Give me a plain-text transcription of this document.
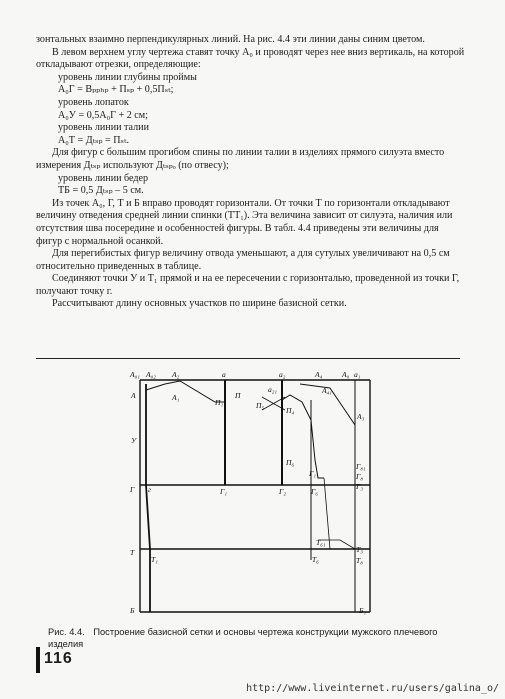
зонтальных взаимно перпендикулярных линий. На рис. 4.4 эти линии даны синим цветом.

В левом верхнем углу чертежа ставят точку А₀ и проводят через нее вниз вертикаль, на которой откладывают отрезки, определяющие:

уровень линии глубины проймы

А₀Г = Вₚₚₕₚ + Пₛₚ + 0,5Пₛₜ;

уровень лопаток

А₀У = 0,5А₀Г + 2 см;

уровень линии талии

А₀Т = Дₜₛₚ = Пₛₜ.

Для фигур с большим прогибом спины по линии талии в изделиях прямого силуэта вместо измерения Дₜₛₚ используют Дₜₛₚₒ (по отвесу);

уровень линии бедер

ТБ = 0,5 Дₜₛₚ – 5 см.

Из точек А₀, Г, Т и Б вправо проводят горизонтали. От точки Т по горизонтали откладывают величину отведения средней линии спинки (ТТ₁). Эта величина зависит от силуэта, наличия или отсутствия шва посередине и особенностей фигуры. В табл. 4.4 приведены эти величины для фигур с нормальной осанкой.

Для перегибистых фигур величину отвода уменьшают, а для сутулых увеличивают на 0,5 см относительно приведенных в таблице.

Соединяют точки У и Т₁ прямой и на ее пересечении с горизонталью, проведенной из точки Г, получают точку г.

Рассчитывают длину основных участков по ширине базисной сетки.

А₀₁ А₀₂ А₂	а	а₂	А₄	А₀ а₁
А	А₁	П
П₁
а₂₁	А₄₁
П₅
П₄
А₃
У
П₆
Г₁
Г₈₁
Г₈
Г₃
Г г	Г₁	Г₂	Г₆
Т
Т₁
Т₆₁
Т₆
Т₃
Т₈
Б	Б₁
Рис. 4.4. Построение базисной сетки и основы чертежа конструкции мужского плечевого изделия
116
http://www.liveinternet.ru/users/galina_o/
